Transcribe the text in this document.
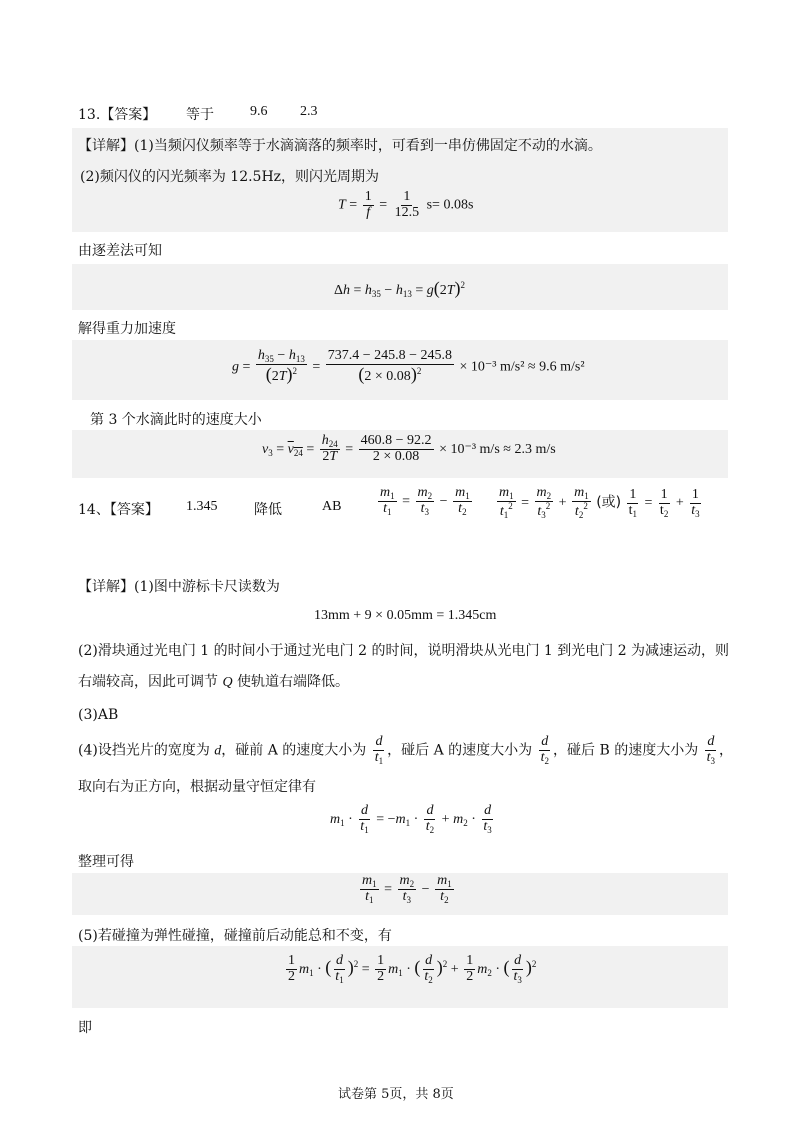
13.【答案】 等于	9.6 2.3
【详解】(1)当频闪仪频率等于水滴滴落的频率时，可看到一串仿佛固定不动的水滴。
(2)频闪仪的闪光频率为 12.5Hz，则闪光周期为
$T = \frac{1}{f} = \frac{1}{12.5} s= 0.08s$
由逐差法可知
$\Delta h = h_{35} - h_{13} = g(2T)^2$
解得重力加速度
$g = \frac{h_{35} - h_{13}}{(2T)^2} = \frac{737.4 - 245.8 - 245.8}{(2 \times 0.08)^2} \times 10^{-3}$ m/s² ≈ 9.6 m/s²
第 3 个水滴此时的速度大小
$v_3 = v_{24} = \frac{h_{24}}{2T} = \frac{460.8 - 92.2}{2 \times 0.08} \times 10^{-3}$ m/s ≈ 2.3 m/s
14、【答案】 1.345	降低	AB	$\frac{m_1}{t_1} = \frac{m_2}{t_3} - \frac{m_1}{t_2} \frac{m_1}{t_1^2} = \frac{m_2}{t_3^2} + \frac{m_1}{t_2^2}$ (或) $\frac{1}{t_1} = \frac{1}{t_2} + \frac{1}{t_3}$
【详解】(1)图中游标卡尺读数为
13mm + 9 × 0.05mm = 1.345cm
(2)滑块通过光电门 1 的时间小于通过光电门 2 的时间，说明滑块从光电门 1 到光电门 2 为减速运动，则
右端较高，因此可调节 Q 使轨道右端降低。
(3)AB
(4)设挡光片的宽度为 d，碰前 A 的速度大小为 $\frac{d}{t_1}$ ，碰后 A 的速度大小为 $\frac{d}{t_2}$ ，碰后 B 的速度大小为 $\frac{d}{t_3}$ ，
取向右为正方向，根据动量守恒定律有
$m_1 \cdot \frac{d}{t_1} = -m_1 \cdot \frac{d}{t_2} + m_2 \cdot \frac{d}{t_3}$
整理可得
$\frac{m_1}{t_1} = \frac{m_2}{t_3} - \frac{m_1}{t_2}$
(5)若碰撞为弹性碰撞，碰撞前后动能总和不变，有
$\frac{1}{2} m_1$ · ( $\frac{d}{t_1} )^2 = \frac{1}{2} m_1$ · ( $\frac{d}{t_2} )^2 + \frac{1}{2} m_2$ · ( $\frac{d}{t_3} )^2$
即
试卷第 5页，共 8页
